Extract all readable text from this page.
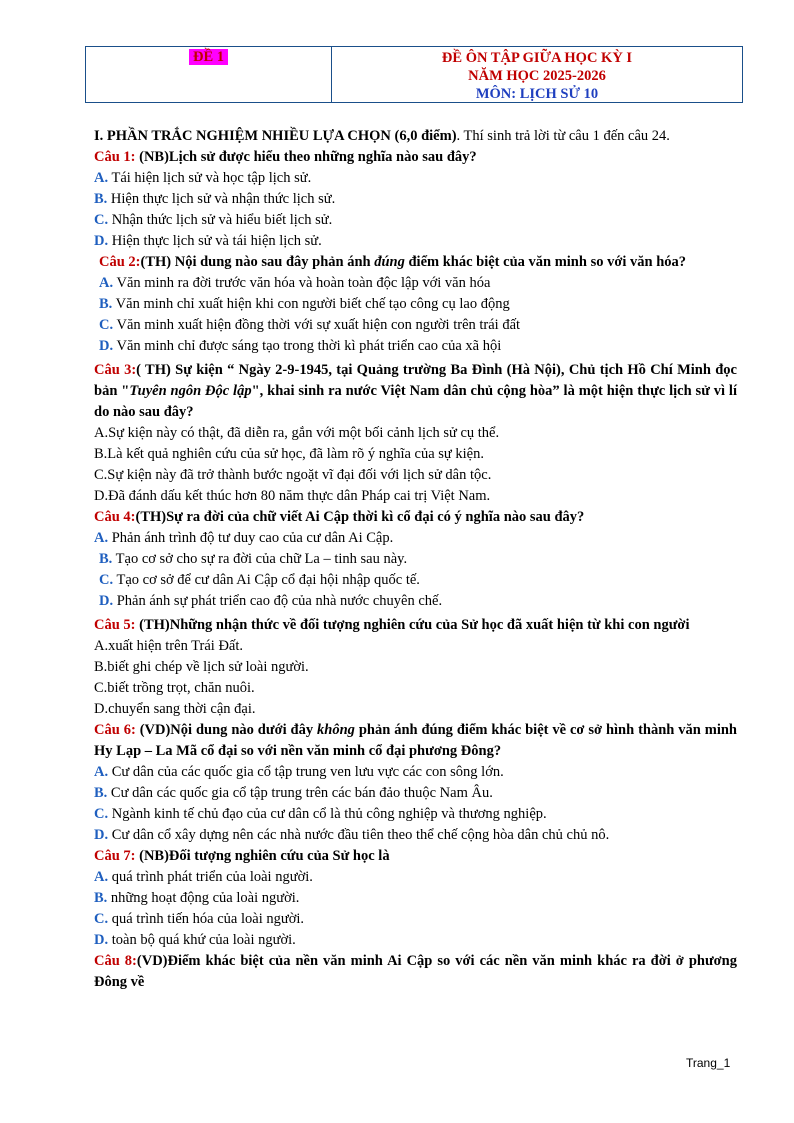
ĐỀ 1	ĐỀ ÔN TẬP GIỮA HỌC KỲ I
NĂM HỌC 2025-2026
MÔN: LỊCH SỬ 10
I. PHẦN TRẮC NGHIỆM NHIỀU LỰA CHỌN (6,0 điểm). Thí sinh trả lời từ câu 1 đến câu 24.
Câu 1: (NB)Lịch sử được hiểu theo những nghĩa nào sau đây?
A. Tái hiện lịch sử và học tập lịch sử.
B. Hiện thực lịch sử và nhận thức lịch sử.
C. Nhận thức lịch sử và hiểu biết lịch sử.
D. Hiện thực lịch sử và tái hiện lịch sử.
Câu 2:(TH) Nội dung nào sau đây phản ánh đúng điểm khác biệt của văn minh so với văn hóa?
A. Văn minh ra đời trước văn hóa và hoàn toàn độc lập với văn hóa
B. Văn minh chỉ xuất hiện khi con người biết chế tạo công cụ lao động
C. Văn minh xuất hiện đồng thời với sự xuất hiện con người trên trái đất
D. Văn minh chỉ được sáng tạo trong thời kì phát triển cao của xã hội
Câu 3:( TH) Sự kiện “ Ngày 2-9-1945, tại Quảng trường Ba Đình (Hà Nội), Chủ tịch Hồ Chí Minh đọc bản "Tuyên ngôn Độc lập", khai sinh ra nước Việt Nam dân chủ cộng hòa” là một hiện thực lịch sử vì lí do nào sau đây?
A.Sự kiện này có thật, đã diễn ra, gắn với một bối cảnh lịch sử cụ thể.
B.Là kết quả nghiên cứu của sử học, đã làm rõ ý nghĩa của sự kiện.
C.Sự kiện này đã trở thành bước ngoặt vĩ đại đối với lịch sử dân tộc.
D.Đã đánh dấu kết thúc hơn 80 năm thực dân Pháp cai trị Việt Nam.
Câu 4:(TH)Sự ra đời của chữ viết Ai Cập thời kì cổ đại có ý nghĩa nào sau đây?
A. Phản ánh trình độ tư duy cao của cư dân Ai Cập.
B. Tạo cơ sở cho sự ra đời của chữ La – tinh sau này.
C. Tạo cơ sở để cư dân Ai Cập cổ đại hội nhập quốc tế.
D. Phản ánh sự phát triển cao độ của nhà nước chuyên chế.
Câu 5: (TH)Những nhận thức về đối tượng nghiên cứu của Sử học đã xuất hiện từ khi con người
A.xuất hiện trên Trái Đất.
B.biết ghi chép về lịch sử loài người.
C.biết trồng trọt, chăn nuôi.
D.chuyển sang thời cận đại.
Câu 6: (VD)Nội dung nào dưới đây không phản ánh đúng điểm khác biệt về cơ sở hình thành văn minh Hy Lạp – La Mã cổ đại so với nền văn minh cổ đại phương Đông?
A. Cư dân của các quốc gia cổ tập trung ven lưu vực các con sông lớn.
B. Cư dân các quốc gia cổ tập trung trên các bán đảo thuộc Nam Âu.
C. Ngành kinh tế chủ đạo của cư dân cổ là thủ công nghiệp và thương nghiệp.
D. Cư dân cổ xây dựng nên các nhà nước đầu tiên theo thể chế cộng hòa dân chủ chủ nô.
Câu 7: (NB)Đối tượng nghiên cứu của Sử học là
A. quá trình phát triển của loài người.
B. những hoạt động của loài người.
C. quá trình tiến hóa của loài người.
D. toàn bộ quá khứ của loài người.
Câu 8:(VD)Điểm khác biệt của nền văn minh Ai Cập so với các nền văn minh khác ra đời ở phương Đông về
Trang_1
